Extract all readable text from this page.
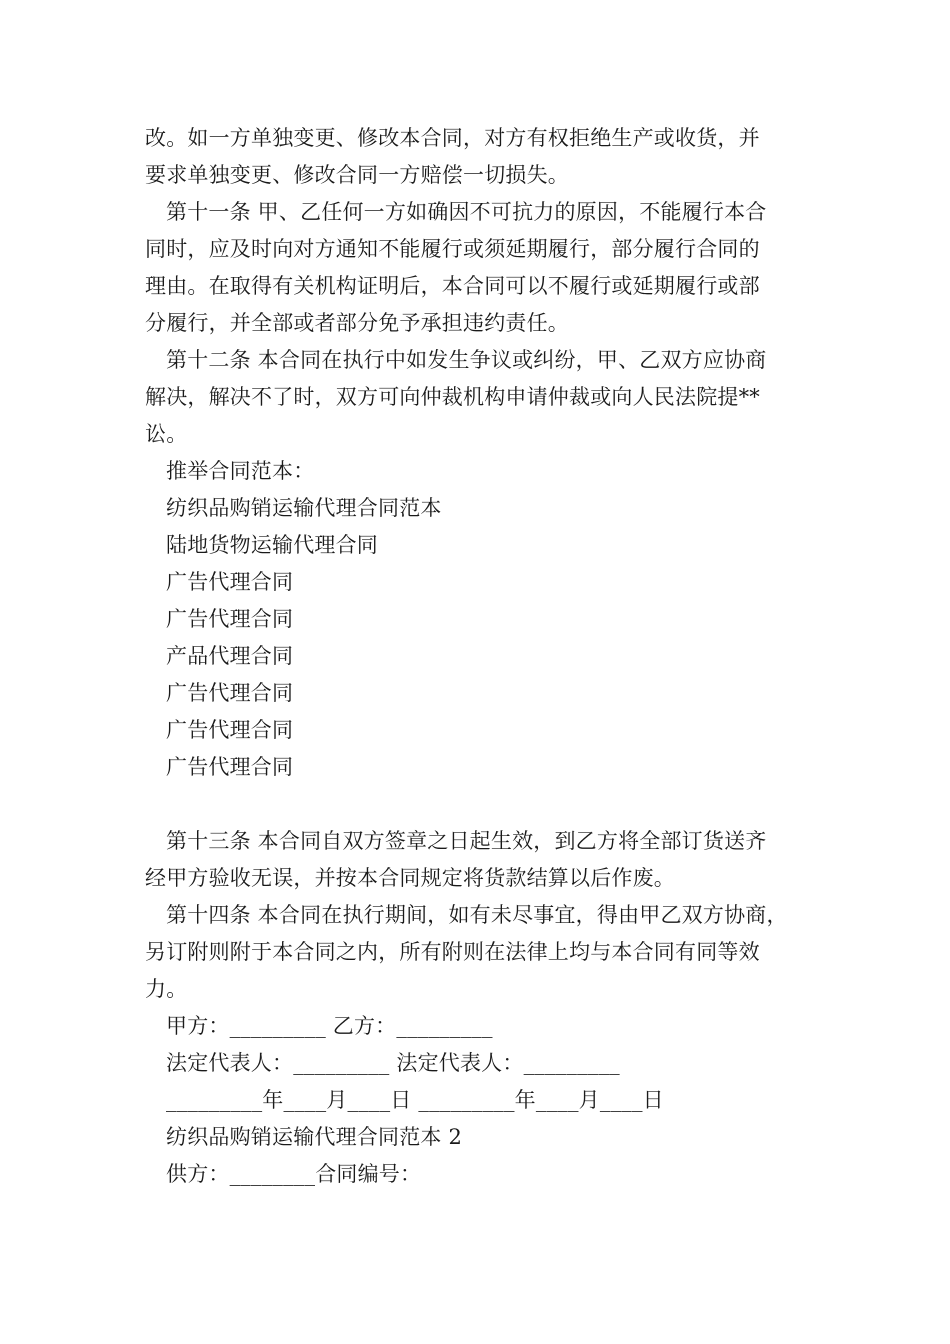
改。如一方单独变更、修改本合同，对方有权拒绝生产或收货，并

要求单独变更、修改合同一方赔偿一切损失。

第十一条 甲、乙任何一方如确因不可抗力的原因，不能履行本合

同时，应及时向对方通知不能履行或须延期履行，部分履行合同的

理由。在取得有关机构证明后，本合同可以不履行或延期履行或部

分履行，并全部或者部分免予承担违约责任。

第十二条 本合同在执行中如发生争议或纠纷，甲、乙双方应协商

解决，解决不了时，双方可向仲裁机构申请仲裁或向人民法院提**

讼。

推举合同范本：

纺织品购销运输代理合同范本

陆地货物运输代理合同

广告代理合同

广告代理合同

产品代理合同

广告代理合同

广告代理合同

广告代理合同

第十三条 本合同自双方签章之日起生效，到乙方将全部订货送齐

经甲方验收无误，并按本合同规定将货款结算以后作废。

第十四条 本合同在执行期间，如有未尽事宜，得由甲乙双方协商，

另订附则附于本合同之内，所有附则在法律上均与本合同有同等效

力。

甲方：_________ 乙方：_________

法定代表人：_________ 法定代表人：_________

_________年____月____日 _________年____月____日

纺织品购销运输代理合同范本 2

供方：________合同编号：
